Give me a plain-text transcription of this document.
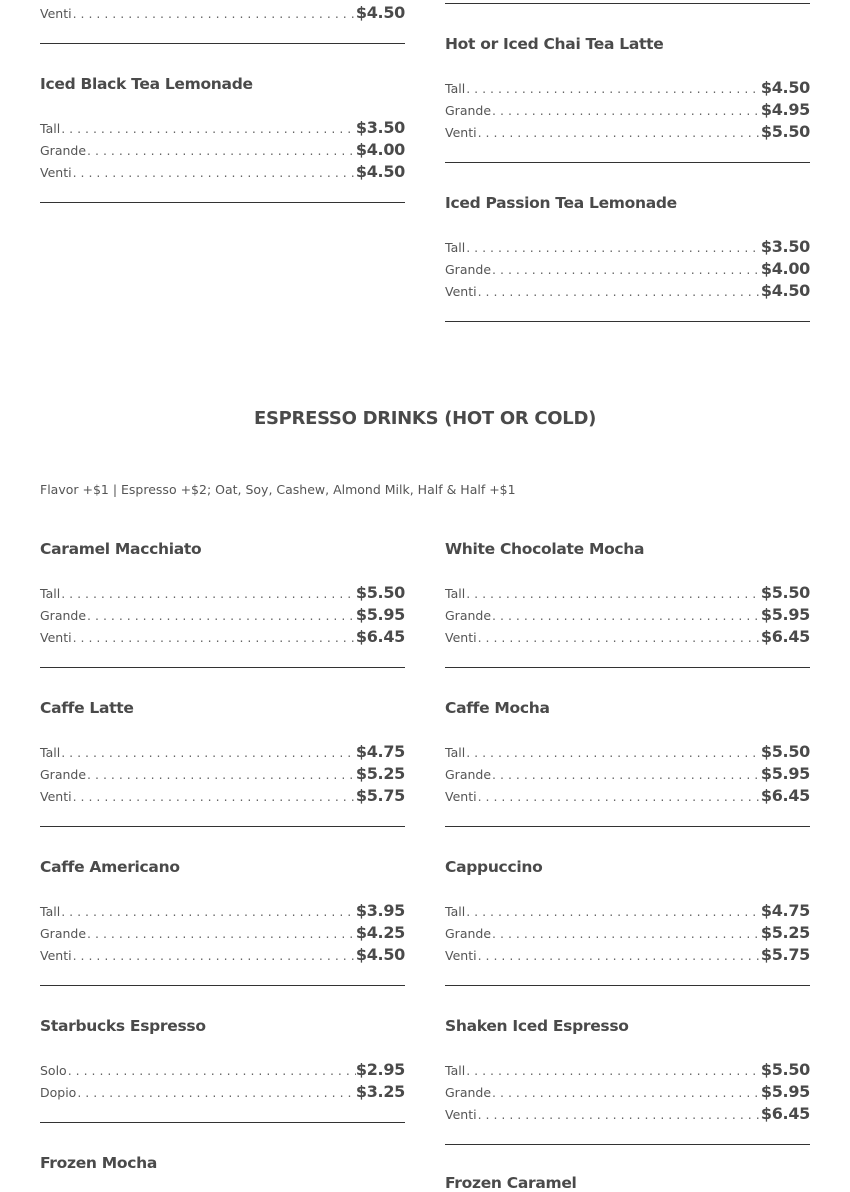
Venti . . .	$4.50
Iced Black Tea Lemonade
Tall . . .	$3.50
Grande . . .	$4.00
Venti . . .	$4.50
Hot or Iced Chai Tea Latte
Tall . . .	$4.50
Grande . . .	$4.95
Venti . . .	$5.50
Iced Passion Tea Lemonade
Tall . . .	$3.50
Grande . . .	$4.00
Venti . . .	$4.50
ESPRESSO DRINKS (HOT OR COLD)
Flavor +$1 | Espresso +$2; Oat, Soy, Cashew, Almond Milk, Half & Half +$1
Caramel Macchiato
Tall . . .	$5.50
Grande . . .	$5.95
Venti . . .	$6.45
Caffe Latte
Tall . . .	$4.75
Grande . . .	$5.25
Venti . . .	$5.75
Caffe Americano
Tall . . .	$3.95
Grande . . .	$4.25
Venti . . .	$4.50
Starbucks Espresso
Solo . . .	$2.95
Dopio . . .	$3.25
Frozen Mocha
White Chocolate Mocha
Tall . . .	$5.50
Grande . . .	$5.95
Venti . . .	$6.45
Caffe Mocha
Tall . . .	$5.50
Grande . . .	$5.95
Venti . . .	$6.45
Cappuccino
Tall . . .	$4.75
Grande . . .	$5.25
Venti . . .	$5.75
Shaken Iced Espresso
Tall . . .	$5.50
Grande . . .	$5.95
Venti . . .	$6.45
Frozen Caramel
